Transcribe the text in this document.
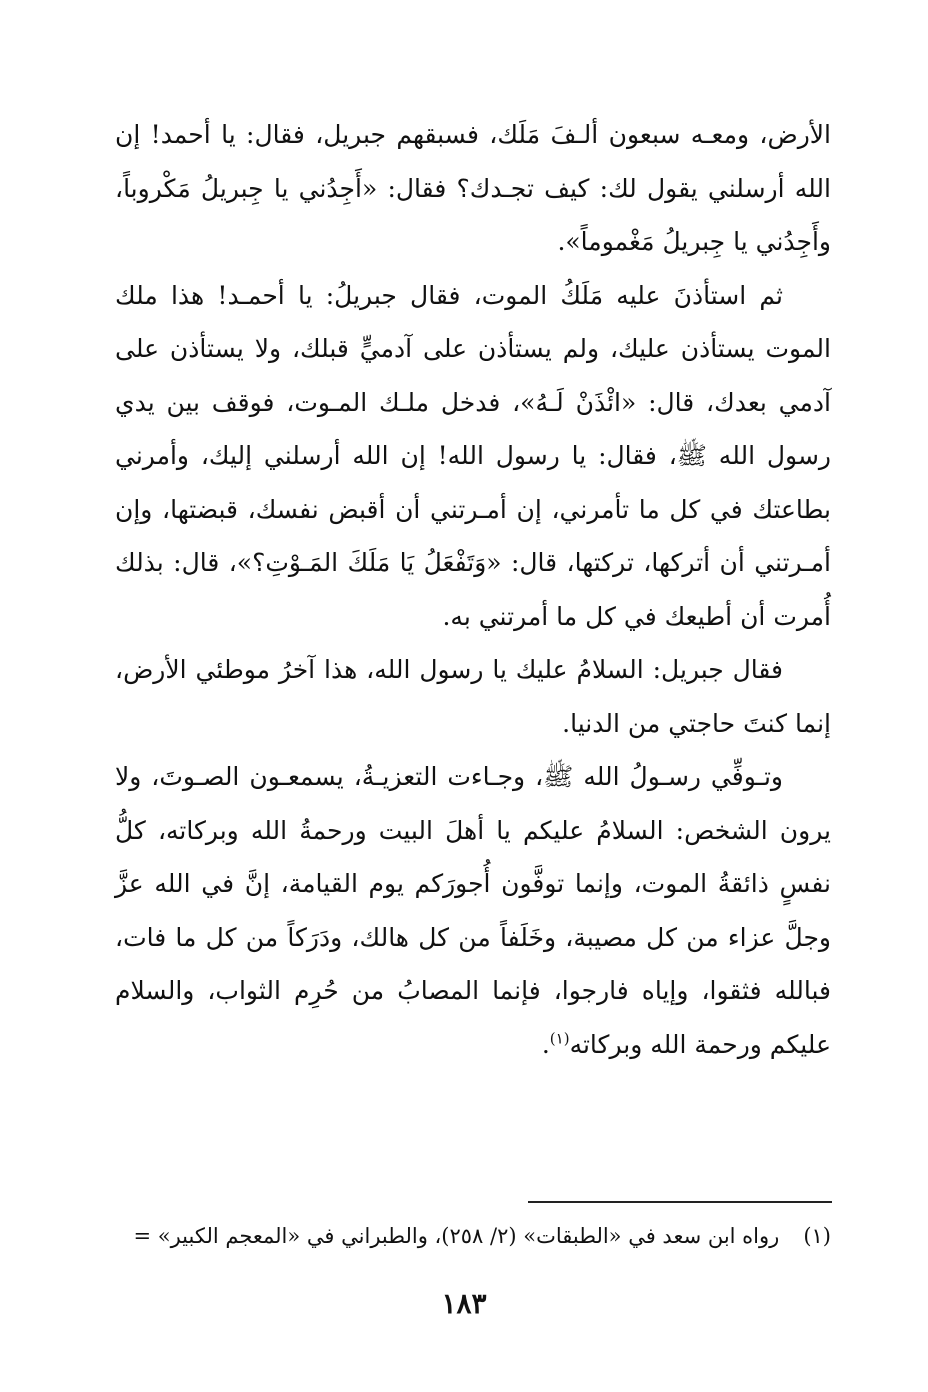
الأرض، ومعـه سبعون ألـفَ مَلَك، فسبقهم جبريل، فقال: يا أحمد! إن الله أرسلني يقول لك: كيف تجـدك؟ فقال: «أَجِدُني يا جِبريلُ مَكْروباً، وأَجِدُني يا جِبريلُ مَغْموماً».

ثم استأذنَ عليه مَلَكُ الموت، فقال جبريلُ: يا أحمـد! هذا ملك الموت يستأذن عليك، ولم يستأذن على آدميٍّ قبلك، ولا يستأذن على آدمي بعدك، قال: «ائْذَنْ لَـهُ»، فدخل ملـك المـوت، فوقف بين يدي رسول الله ﷺ، فقال: يا رسول الله! إن الله أرسلني إليك، وأمرني بطاعتك في كل ما تأمرني، إن أمـرتني أن أقبض نفسك، قبضتها، وإن أمـرتني أن أتركها، تركتها، قال: «وَتَفْعَلُ يَا مَلَكَ المَـوْتِ؟»، قال: بذلك أُمرت أن أطيعك في كل ما أمرتني به.

فقال جبريل: السلامُ عليك يا رسول الله، هذا آخرُ موطئي الأرض، إنما كنتَ حاجتي من الدنيا.

وتـوفِّي رسـولُ الله ﷺ، وجـاءت التعزيـةُ، يسمعـون الصـوتَ، ولا يرون الشخص: السلامُ عليكم يا أهلَ البيت ورحمةُ الله وبركاته، كلُّ نفسٍ ذائقةُ الموت، وإنما توفَّون أُجورَكم يوم القيامة، إنَّ في الله عزَّ وجلَّ عزاء من كل مصيبة، وخَلَفاً من كل هالك، ودَرَكاً من كل ما فات، فبالله فثقوا، وإياه فارجوا، فإنما المصابُ من حُرِم الثواب، والسلام عليكم ورحمة الله وبركاته$^{(١)}$.

(١)رواه ابن سعد في «الطبقات» (٢/ ٢٥٨)، والطبراني في «المعجم الكبير» =
١٨٣
